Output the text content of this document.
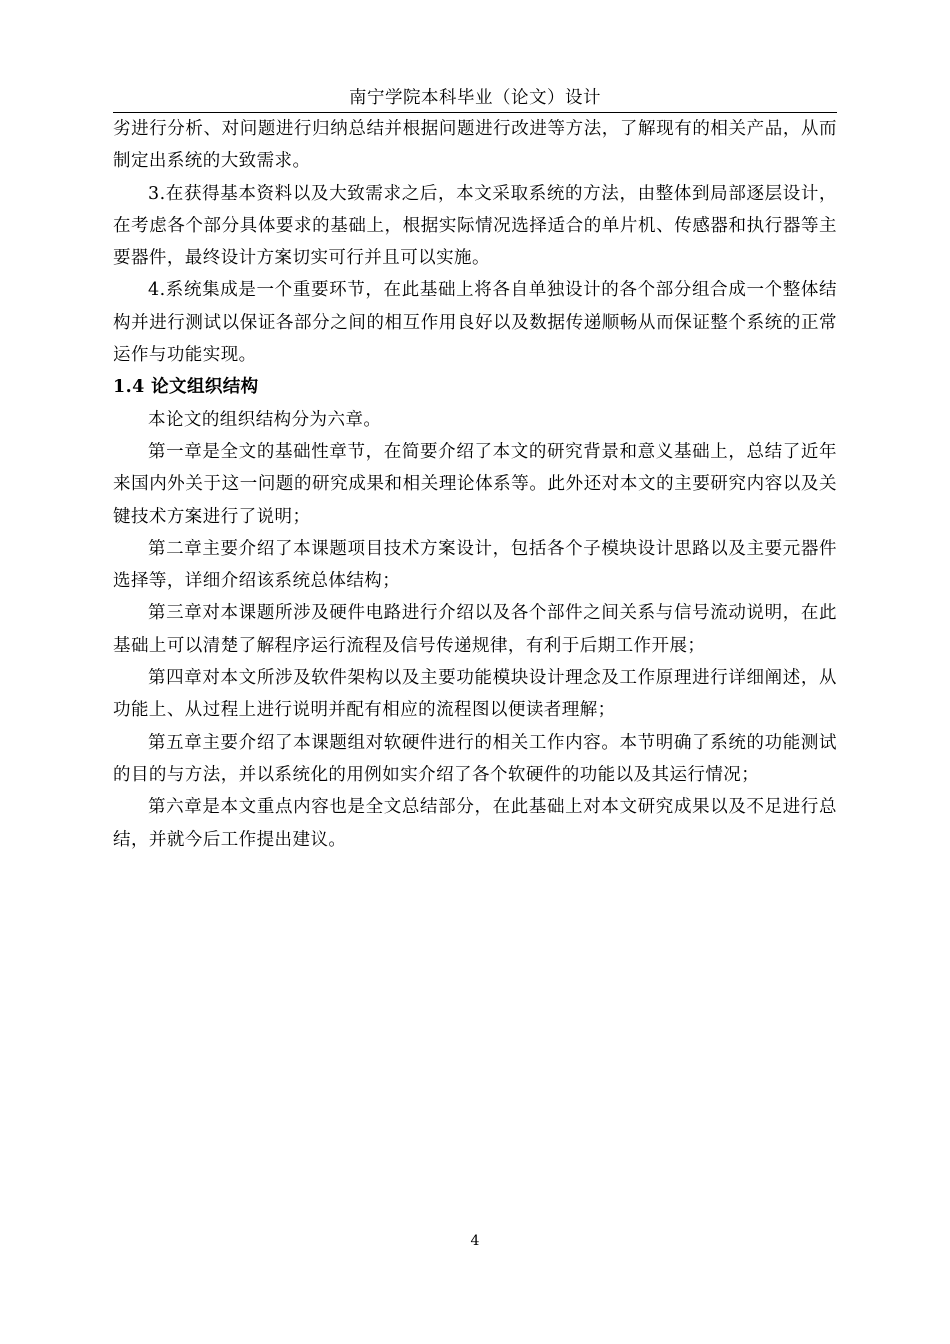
南宁学院本科毕业（论文）设计

劣进行分析、对问题进行归纳总结并根据问题进行改进等方法，了解现有的相关产品，从而制定出系统的大致需求。

3.在获得基本资料以及大致需求之后，本文采取系统的方法，由整体到局部逐层设计，在考虑各个部分具体要求的基础上，根据实际情况选择适合的单片机、传感器和执行器等主要器件，最终设计方案切实可行并且可以实施。

4.系统集成是一个重要环节，在此基础上将各自单独设计的各个部分组合成一个整体结构并进行测试以保证各部分之间的相互作用良好以及数据传递顺畅从而保证整个系统的正常运作与功能实现。

1.4 论文组织结构

本论文的组织结构分为六章。

第一章是全文的基础性章节，在简要介绍了本文的研究背景和意义基础上，总结了近年来国内外关于这一问题的研究成果和相关理论体系等。此外还对本文的主要研究内容以及关键技术方案进行了说明；

第二章主要介绍了本课题项目技术方案设计，包括各个子模块设计思路以及主要元器件选择等，详细介绍该系统总体结构；

第三章对本课题所涉及硬件电路进行介绍以及各个部件之间关系与信号流动说明，在此基础上可以清楚了解程序运行流程及信号传递规律，有利于后期工作开展；

第四章对本文所涉及软件架构以及主要功能模块设计理念及工作原理进行详细阐述，从功能上、从过程上进行说明并配有相应的流程图以便读者理解；

第五章主要介绍了本课题组对软硬件进行的相关工作内容。本节明确了系统的功能测试的目的与方法，并以系统化的用例如实介绍了各个软硬件的功能以及其运行情况；

第六章是本文重点内容也是全文总结部分，在此基础上对本文研究成果以及不足进行总结，并就今后工作提出建议。

4
